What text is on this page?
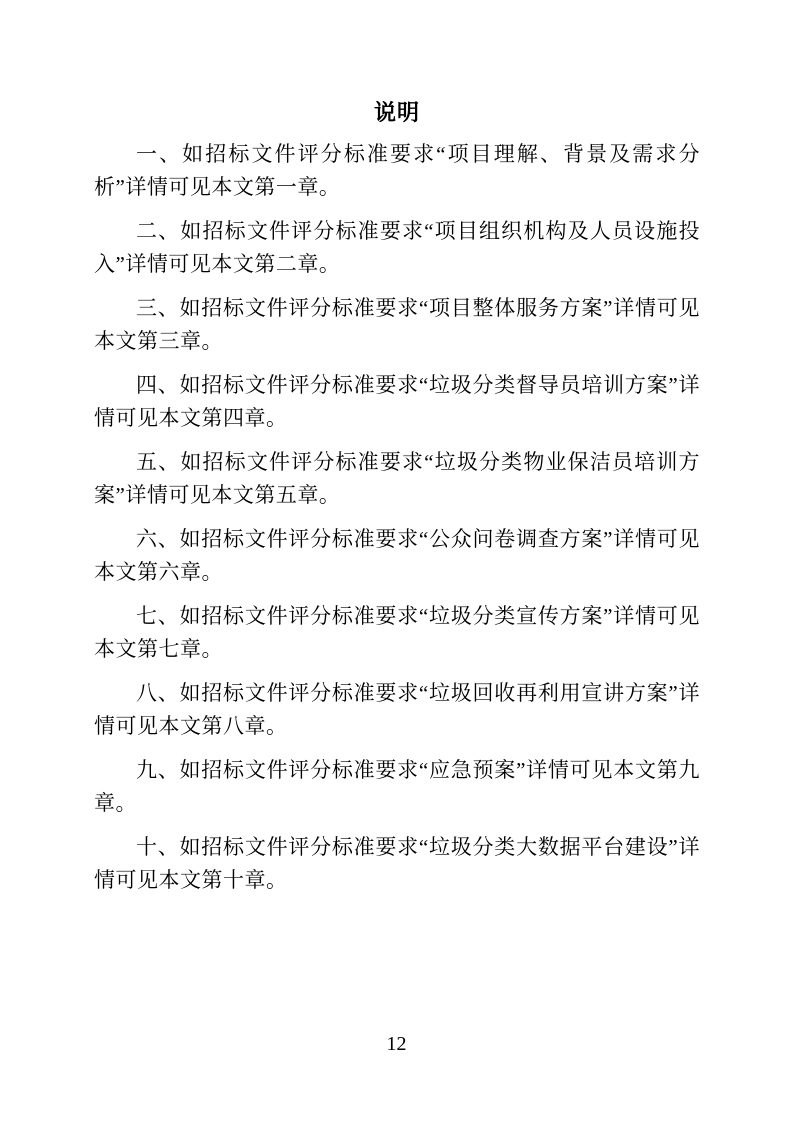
说明

一、如招标文件评分标准要求“项目理解、背景及需求分析”详情可见本文第一章。

二、如招标文件评分标准要求“项目组织机构及人员设施投入”详情可见本文第二章。

三、如招标文件评分标准要求“项目整体服务方案”详情可见本文第三章。

四、如招标文件评分标准要求“垃圾分类督导员培训方案”详情可见本文第四章。

五、如招标文件评分标准要求“垃圾分类物业保洁员培训方案”详情可见本文第五章。

六、如招标文件评分标准要求“公众问卷调查方案”详情可见本文第六章。

七、如招标文件评分标准要求“垃圾分类宣传方案”详情可见本文第七章。

八、如招标文件评分标准要求“垃圾回收再利用宣讲方案”详情可见本文第八章。

九、如招标文件评分标准要求“应急预案”详情可见本文第九章。

十、如招标文件评分标准要求“垃圾分类大数据平台建设”详情可见本文第十章。

12
